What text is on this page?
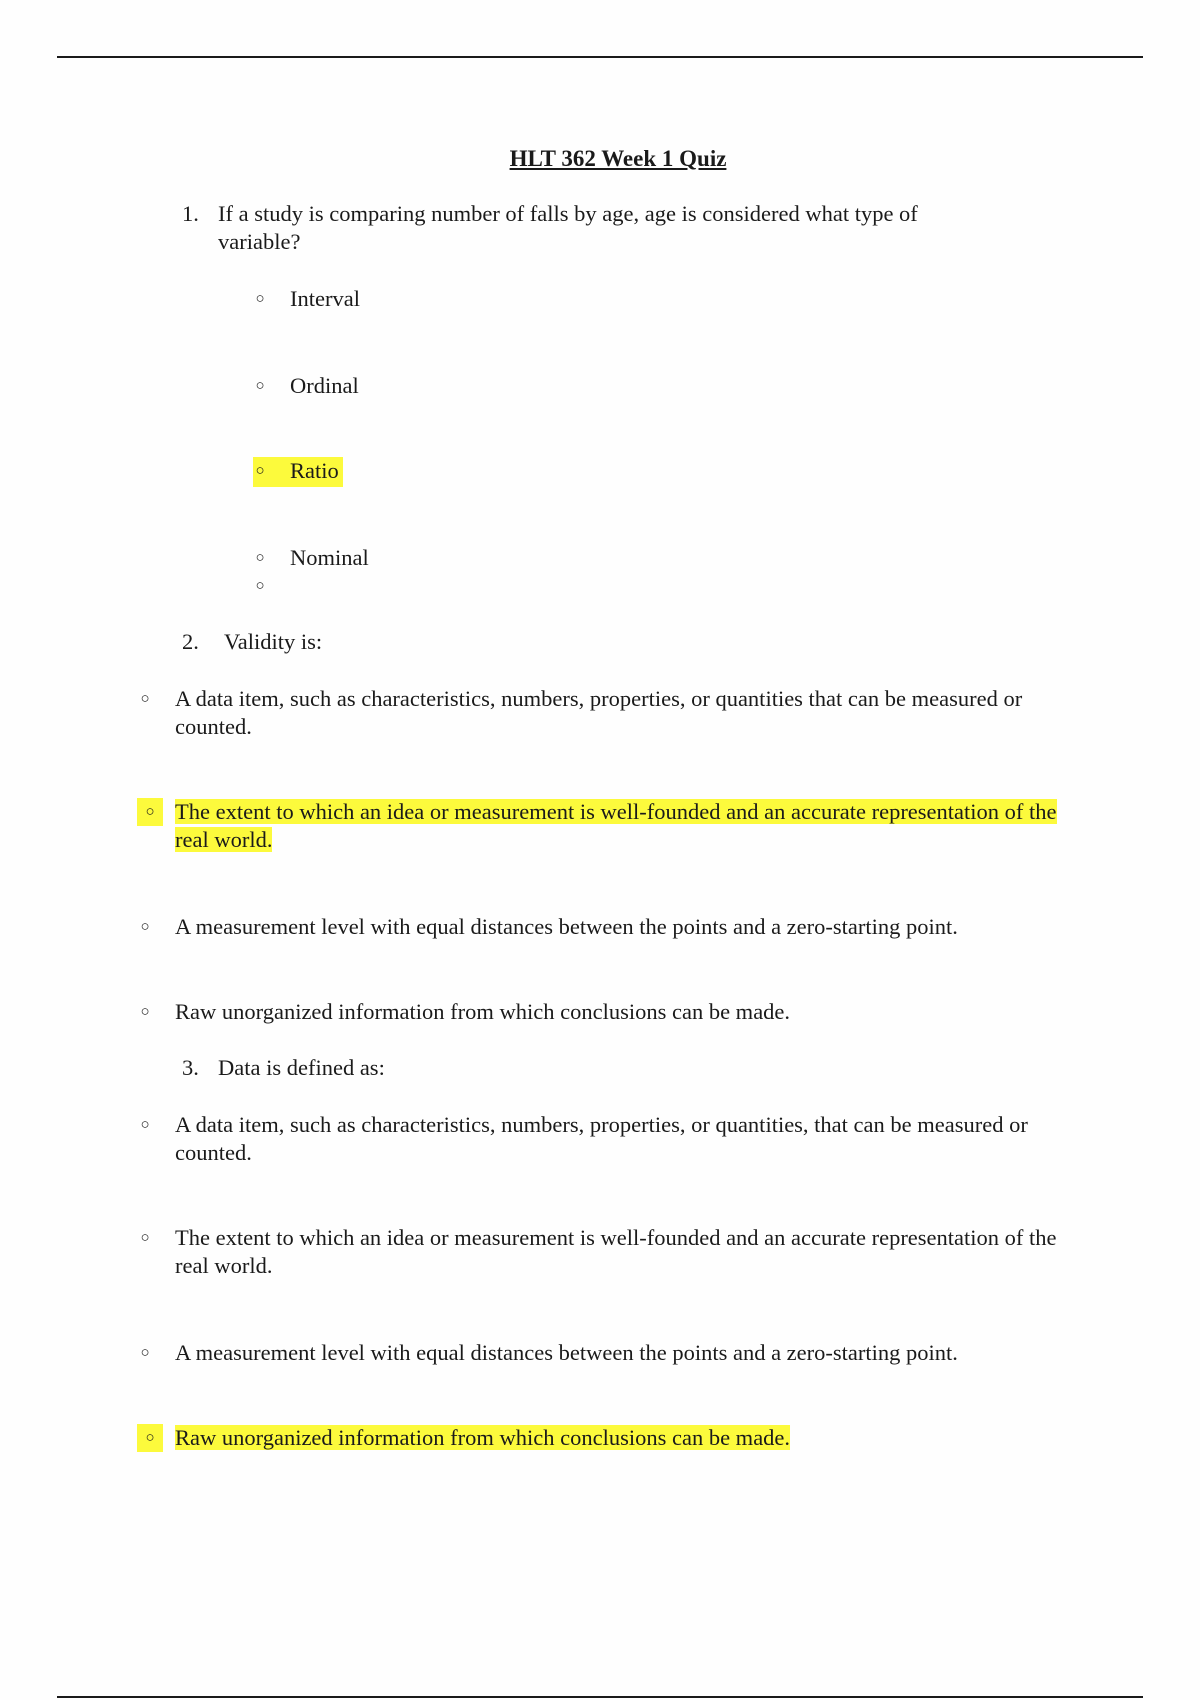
HLT 362 Week 1 Quiz
1. If a study is comparing number of falls by age, age is considered what type of variable?
○ Interval
○ Ordinal
○ Ratio
○ Nominal
○
2. Validity is:
○ A data item, such as characteristics, numbers, properties, or quantities that can be measured or counted.
○ The extent to which an idea or measurement is well-founded and an accurate representation of the real world.
○ A measurement level with equal distances between the points and a zero-starting point.
○ Raw unorganized information from which conclusions can be made.
3. Data is defined as:
○ A data item, such as characteristics, numbers, properties, or quantities, that can be measured or counted.
○ The extent to which an idea or measurement is well-founded and an accurate representation of the real world.
○ A measurement level with equal distances between the points and a zero-starting point.
○ Raw unorganized information from which conclusions can be made.
